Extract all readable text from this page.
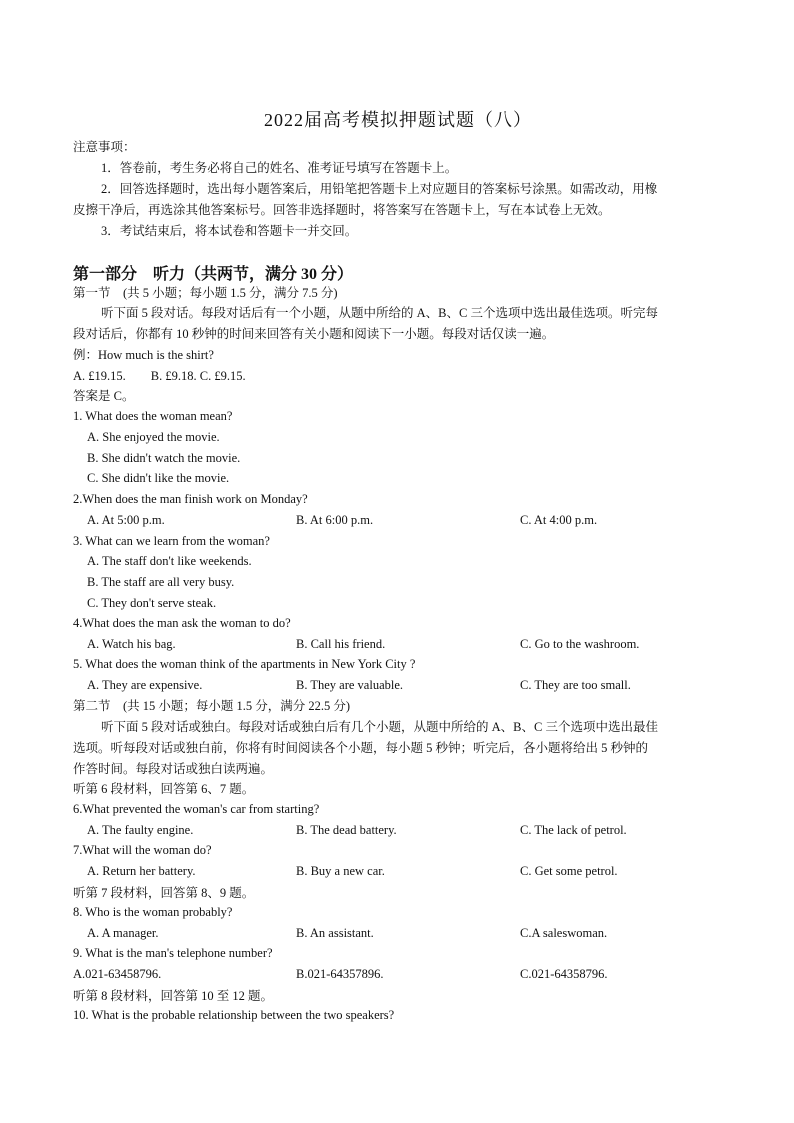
2022届高考模拟押题试题（八）
注意事项：
1．答卷前，考生务必将自己的姓名、准考证号填写在答题卡上。
2．回答选择题时，选出每小题答案后，用铅笔把答题卡上对应题目的答案标号涂黑。如需改动，用橡
皮擦干净后，再选涂其他答案标号。回答非选择题时，将答案写在答题卡上，写在本试卷上无效。
3．考试结束后，将本试卷和答题卡一并交回。
第一部分　听力（共两节，满分 30 分）
第一节　(共 5 小题；每小题 1.5 分，满分 7.5 分)
听下面 5 段对话。每段对话后有一个小题，从题中所给的 A、B、C 三个选项中选出最佳选项。听完每
段对话后，你都有 10 秒钟的时间来回答有关小题和阅读下一小题。每段对话仅读一遍。
例：How much is the shirt?
A. £19.15.　　B. £9.18. C. £9.15.
答案是 C。
1. What does the woman mean?
A. She enjoyed the movie.
B. She didn't watch the movie.
C. She didn't like the movie.
2.When does the man finish work on Monday?
A. At 5:00 p.m.	B. At 6:00 p.m.	C. At 4:00 p.m.
3. What can we learn from the woman?
A. The staff don't like weekends.
B. The staff are all very busy.
C. They don't serve steak.
4.What does the man ask the woman to do?
A. Watch his bag.	B. Call his friend.	C. Go to the washroom.
5. What does the woman think of the apartments in New York City ?
A. They are expensive.	B. They are valuable.	C. They are too small.
第二节　(共 15 小题；每小题 1.5 分，满分 22.5 分)
听下面 5 段对话或独白。每段对话或独白后有几个小题，从题中所给的 A、B、C 三个选项中选出最佳
选项。听每段对话或独白前，你将有时间阅读各个小题，每小题 5 秒钟；听完后，各小题将给出 5 秒钟的
作答时间。每段对话或独白读两遍。
听第 6 段材料，回答第 6、7 题。
6.What prevented the woman's car from starting?
A. The faulty engine.	B. The dead battery.	C. The lack of petrol.
7.What will the woman do?
A. Return her battery.	B. Buy a new car.	C. Get some petrol.
听第 7 段材料，回答第 8、9 题。
8. Who is the woman probably?
A. A manager.	B. An assistant.	C.A saleswoman.
9. What is the man's telephone number?
A.021-63458796.	B.021-64357896.	C.021-64358796.
听第 8 段材料，回答第 10 至 12 题。
10. What is the probable relationship between the two speakers?
